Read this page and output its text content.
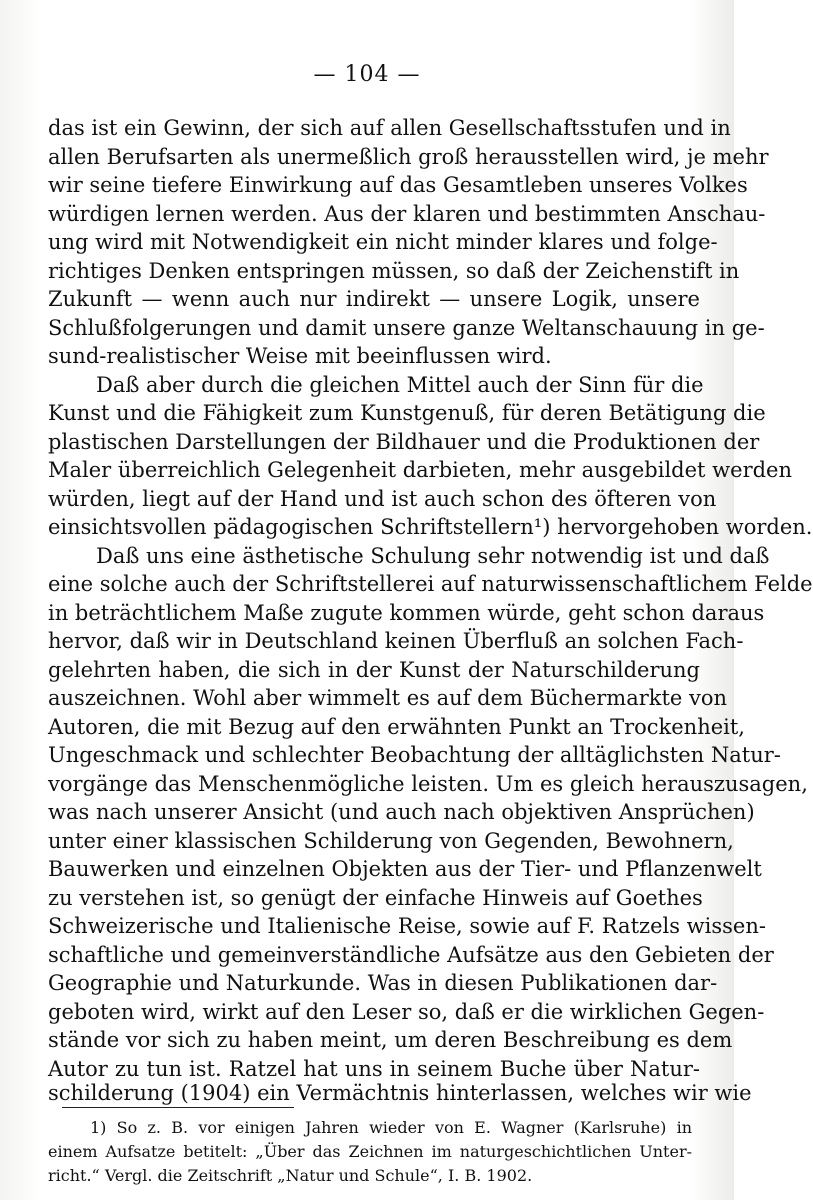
— 104 —
das ist ein Gewinn, der sich auf allen Gesellschaftsstufen und in
allen Berufsarten als unermeßlich groß herausstellen wird, je mehr
wir seine tiefere Einwirkung auf das Gesamtleben unseres Volkes
würdigen lernen werden. Aus der klaren und bestimmten Anschau-
ung wird mit Notwendigkeit ein nicht minder klares und folge-
richtiges Denken entspringen müssen, so daß der Zeichenstift in
Zukunft — wenn auch nur indirekt — unsere Logik, unsere
Schlußfolgerungen und damit unsere ganze Weltanschauung in ge-
sund-realistischer Weise mit beeinflussen wird.
Daß aber durch die gleichen Mittel auch der Sinn für die
Kunst und die Fähigkeit zum Kunstgenuß, für deren Betätigung die
plastischen Darstellungen der Bildhauer und die Produktionen der
Maler überreichlich Gelegenheit darbieten, mehr ausgebildet werden
würden, liegt auf der Hand und ist auch schon des öfteren von
einsichtsvollen pädagogischen Schriftstellern¹) hervorgehoben worden.
Daß uns eine ästhetische Schulung sehr notwendig ist und daß
eine solche auch der Schriftstellerei auf naturwissenschaftlichem Felde
in beträchtlichem Maße zugute kommen würde, geht schon daraus
hervor, daß wir in Deutschland keinen Überfluß an solchen Fach-
gelehrten haben, die sich in der Kunst der Naturschilderung
auszeichnen. Wohl aber wimmelt es auf dem Büchermarkte von
Autoren, die mit Bezug auf den erwähnten Punkt an Trockenheit,
Ungeschmack und schlechter Beobachtung der alltäglichsten Natur-
vorgänge das Menschenmögliche leisten. Um es gleich herauszusagen,
was nach unserer Ansicht (und auch nach objektiven Ansprüchen)
unter einer klassischen Schilderung von Gegenden, Bewohnern,
Bauwerken und einzelnen Objekten aus der Tier- und Pflanzenwelt
zu verstehen ist, so genügt der einfache Hinweis auf Goethes
Schweizerische und Italienische Reise, sowie auf F. Ratzels wissen-
schaftliche und gemeinverständliche Aufsätze aus den Gebieten der
Geographie und Naturkunde. Was in diesen Publikationen dar-
geboten wird, wirkt auf den Leser so, daß er die wirklichen Gegen-
stände vor sich zu haben meint, um deren Beschreibung es dem
Autor zu tun ist. Ratzel hat uns in seinem Buche über Natur-
schilderung (1904) ein Vermächtnis hinterlassen, welches wir wie
1) So z. B. vor einigen Jahren wieder von E. Wagner (Karlsruhe) in
einem Aufsatze betitelt: „Über das Zeichnen im naturgeschichtlichen Unter-
richt.“ Vergl. die Zeitschrift „Natur und Schule“, I. B. 1902.
